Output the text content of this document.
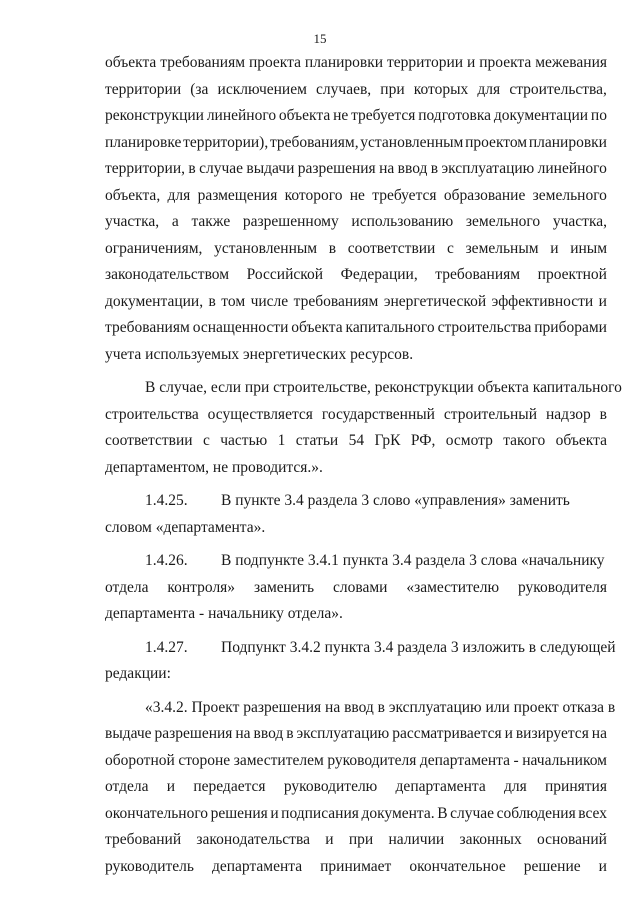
15
объекта требованиям проекта планировки территории и проекта межевания
территории (за исключением случаев, при которых для строительства,
реконструкции линейного объекта не требуется подготовка документации по
планировке территории), требованиям, установленным проектом планировки
территории, в случае выдачи разрешения на ввод в эксплуатацию линейного
объекта, для размещения которого не требуется образование земельного
участка, а также разрешенному использованию земельного участка,
ограничениям, установленным в соответствии с земельным и иным
законодательством Российской Федерации, требованиям проектной
документации, в том числе требованиям энергетической эффективности и
требованиям оснащенности объекта капитального строительства приборами
учета используемых энергетических ресурсов.
В случае, если при строительстве, реконструкции объекта капитального
строительства осуществляется государственный строительный надзор в
соответствии с частью 1 статьи 54 ГрК РФ, осмотр такого объекта
департаментом, не проводится.».
1.4.25. В пункте 3.4 раздела 3 слово «управления» заменить
словом «департамента».
1.4.26. В подпункте 3.4.1 пункта 3.4 раздела 3 слова «начальнику
отдела контроля» заменить словами «заместителю руководителя
департамента - начальнику отдела».
1.4.27. Подпункт 3.4.2 пункта 3.4 раздела 3 изложить в следующей
редакции:
«3.4.2. Проект разрешения на ввод в эксплуатацию или проект отказа в
выдаче разрешения на ввод в эксплуатацию рассматривается и визируется на
оборотной стороне заместителем руководителя департамента - начальником
отдела и передается руководителю департамента для принятия
окончательного решения и подписания документа. В случае соблюдения всех
требований законодательства и при наличии законных оснований
руководитель департамента принимает окончательное решение и
